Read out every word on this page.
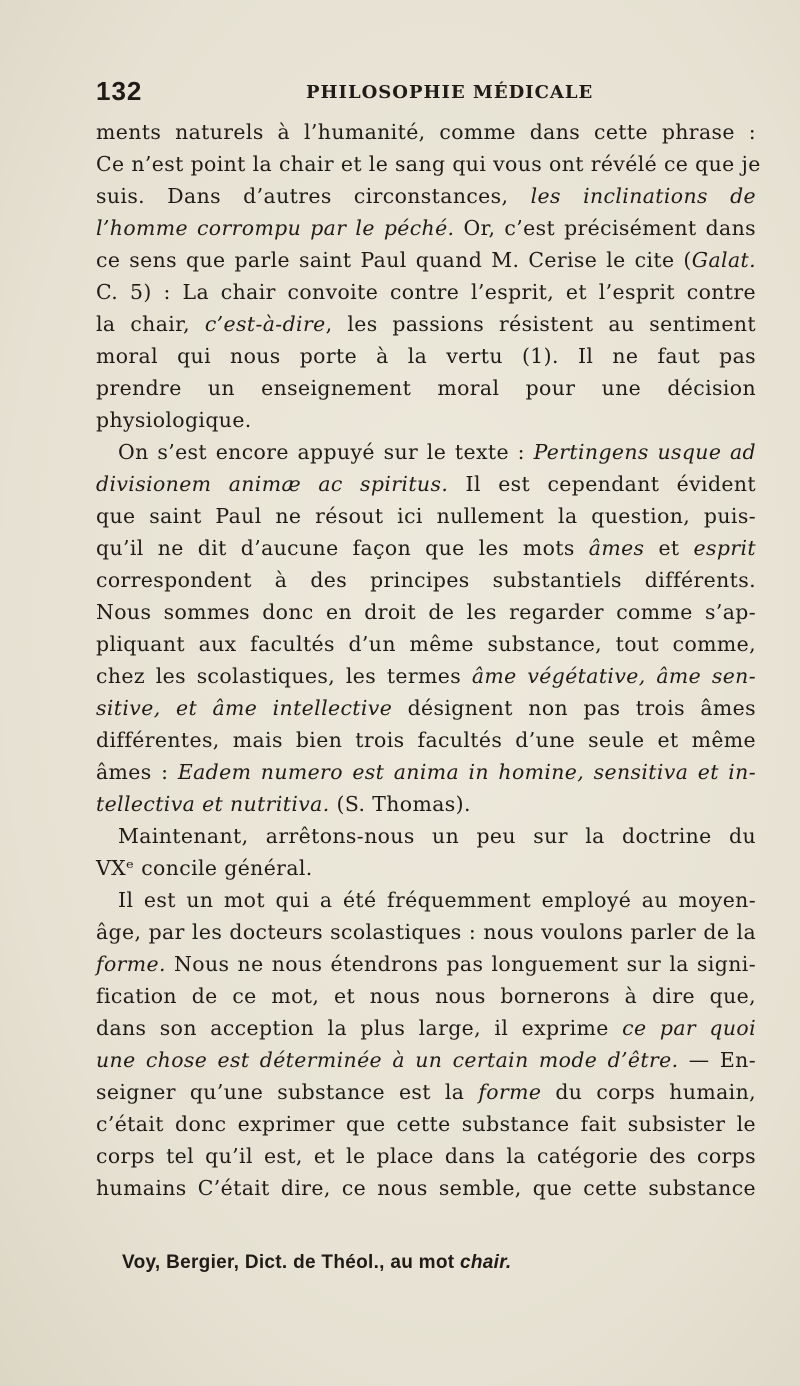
132	PHILOSOPHIE MÉDICALE
ments naturels à l’humanité, comme dans cette phrase :
Ce n’est point la chair et le sang qui vous ont révélé ce que je
suis. Dans d’autres circonstances, les inclinations de
l’homme corrompu par le péché. Or, c’est précisément dans
ce sens que parle saint Paul quand M. Cerise le cite (Galat.
C. 5) : La chair convoite contre l’esprit, et l’esprit contre
la chair, c’est-à-dire, les passions résistent au sentiment
moral qui nous porte à la vertu (1). Il ne faut pas
prendre un enseignement moral pour une décision
physiologique.
On s’est encore appuyé sur le texte : Pertingens usque ad
divisionem animæ ac spiritus. Il est cependant évident
que saint Paul ne résout ici nullement la question, puis-
qu’il ne dit d’aucune façon que les mots âmes et esprit
correspondent à des principes substantiels différents.
Nous sommes donc en droit de les regarder comme s’ap-
pliquant aux facultés d’un même substance, tout comme,
chez les scolastiques, les termes âme végétative, âme sen-
sitive, et âme intellective désignent non pas trois âmes
différentes, mais bien trois facultés d’une seule et même
âmes : Eadem numero est anima in homine, sensitiva et in-
tellectiva et nutritiva. (S. Thomas).
Maintenant, arrêtons-nous un peu sur la doctrine du
VXᵉ concile général.
Il est un mot qui a été fréquemment employé au moyen-
âge, par les docteurs scolastiques : nous voulons parler de la
forme. Nous ne nous étendrons pas longuement sur la signi-
fication de ce mot, et nous nous bornerons à dire que,
dans son acception la plus large, il exprime ce par quoi
une chose est déterminée à un certain mode d’être. — En-
seigner qu’une substance est la forme du corps humain,
c’était donc exprimer que cette substance fait subsister le
corps tel qu’il est, et le place dans la catégorie des corps
humains C’était dire, ce nous semble, que cette substance
Voy, Bergier, Dict. de Théol., au mot chair.
